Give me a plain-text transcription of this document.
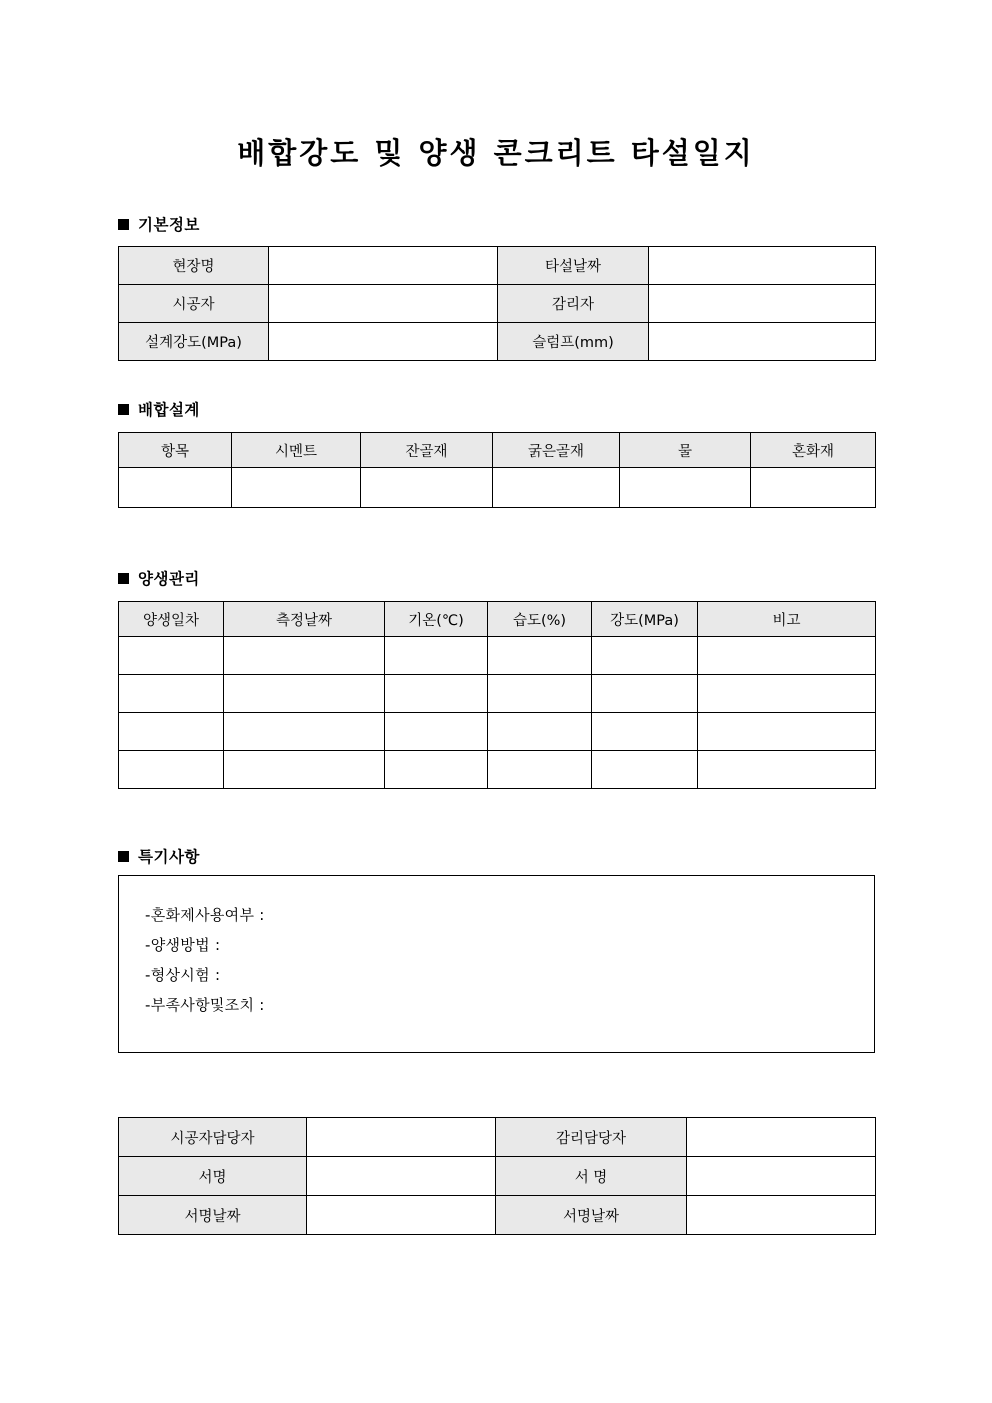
배합강도 및 양생 콘크리트 타설일지
기본정보
현장명		타설날짜	
시공자		감리자	
설계강도(MPa)		슬럼프(mm)	
배합설계
항목	시멘트	잔골재	굵은골재	물	혼화재

양생관리
양생일차	측정날짜	기온(℃)	습도(%)	강도(MPa)	비고

특기사항
-혼화제사용여부 :
-양생방법 :
-형상시험 :
-부족사항및조치 :
시공자담당자		감리담당자	
서명		서 명	
서명날짜		서명날짜	
